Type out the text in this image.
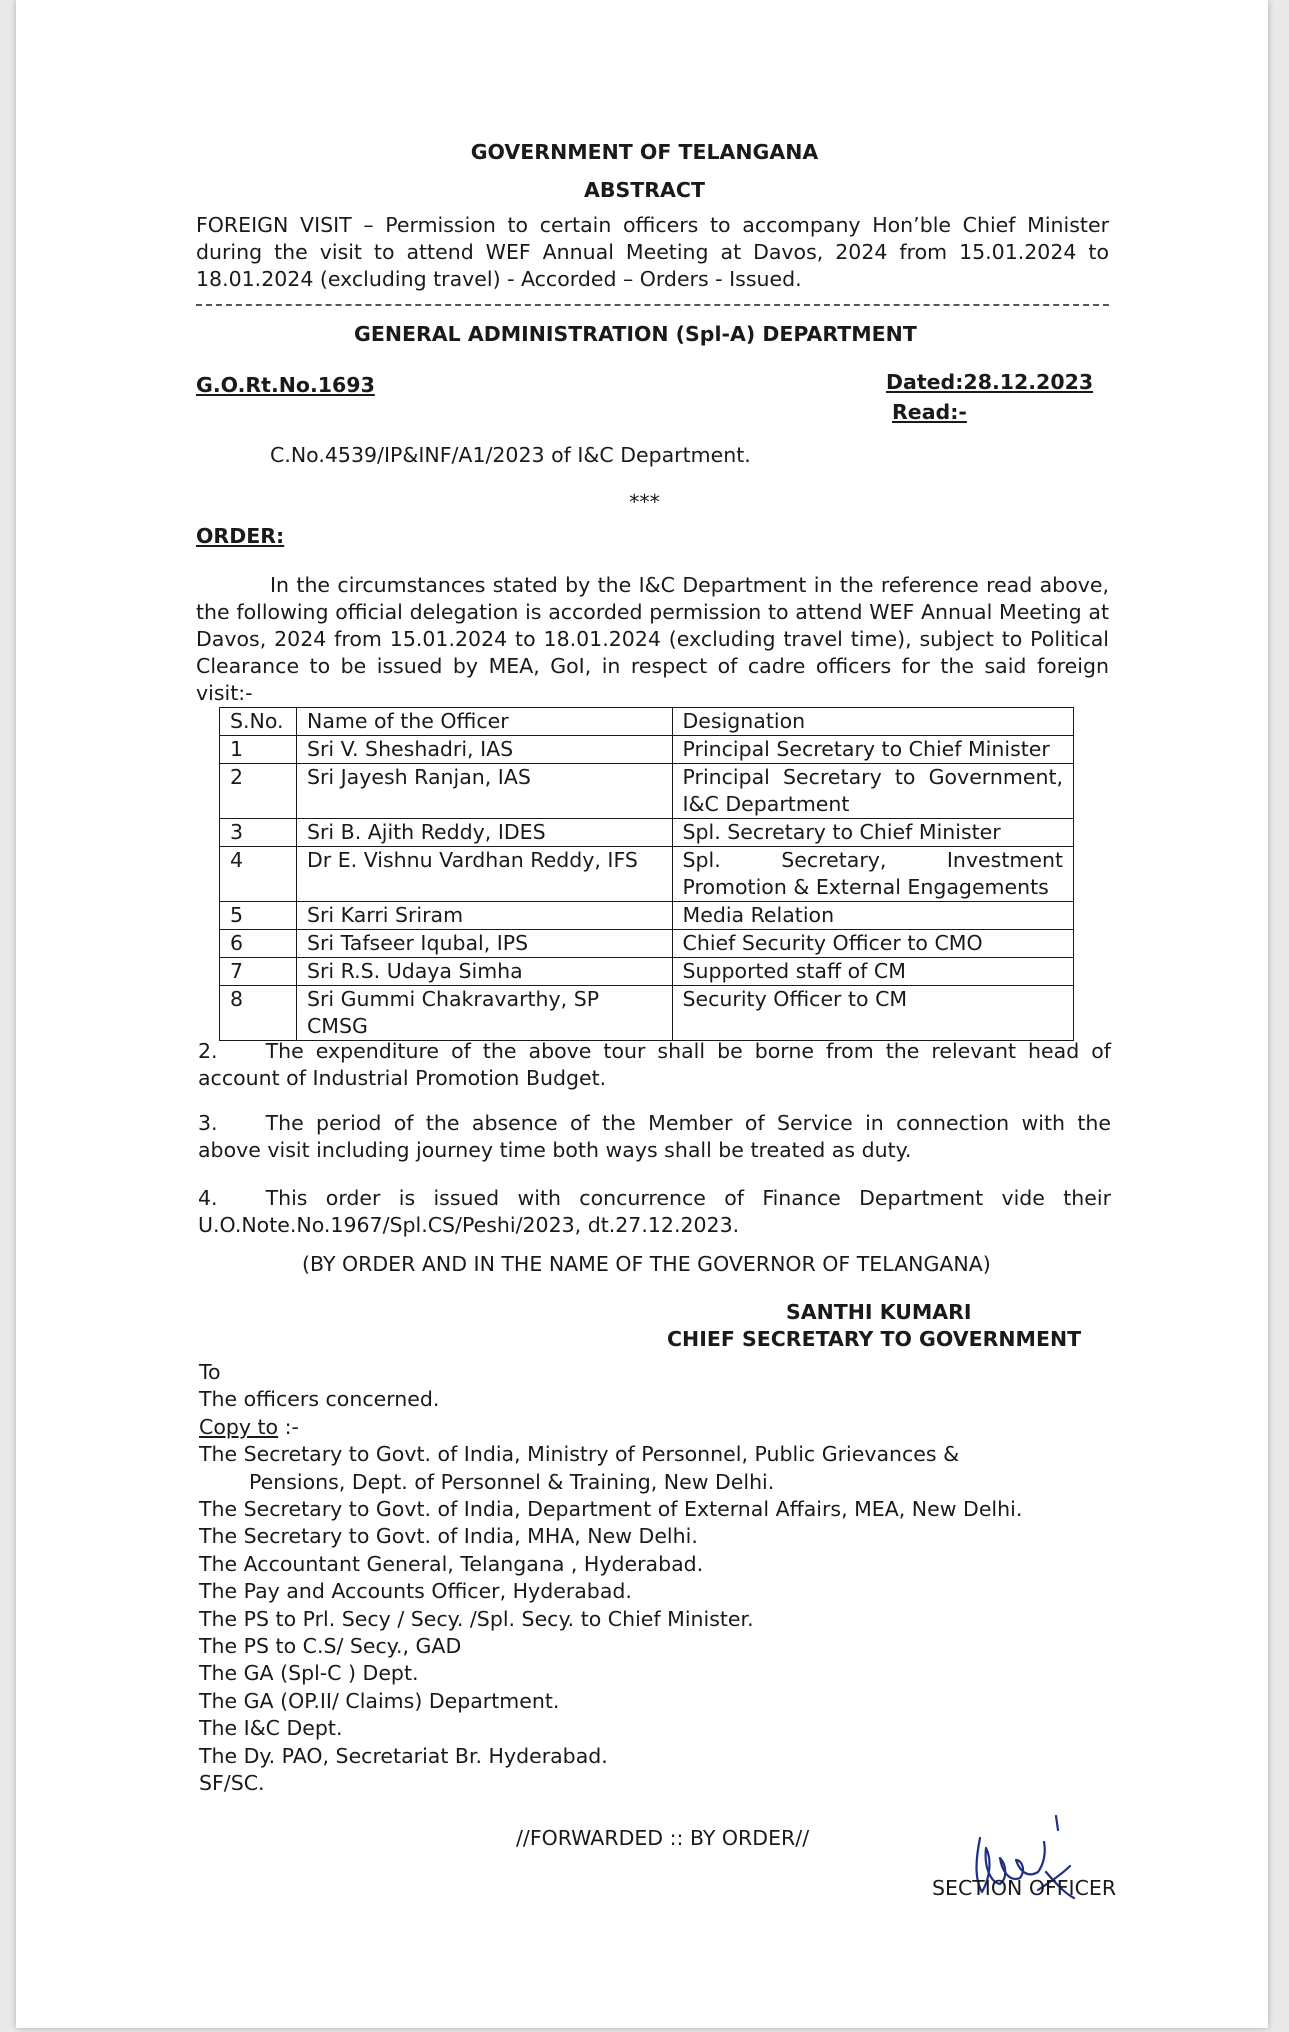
GOVERNMENT OF TELANGANA
ABSTRACT

FOREIGN VISIT – Permission to certain officers to accompany Hon’ble Chief Minister

during the visit to attend WEF Annual Meeting at Davos, 2024 from 15.01.2024 to

18.01.2024 (excluding travel) - Accorded – Orders - Issued.

GENERAL ADMINISTRATION (Spl-A) DEPARTMENT
G.O.Rt.No.1693	Dated:28.12.2023
Read:-
C.No.4539/IP&INF/A1/2023 of I&C Department.
***
ORDER:

In the circumstances stated by the I&C Department in the reference read above,

the following official delegation is accorded permission to attend WEF Annual Meeting at

Davos, 2024 from 15.01.2024 to 18.01.2024 (excluding travel time), subject to Political

Clearance to be issued by MEA, GoI, in respect of cadre officers for the said foreign

visit:-

S.No.	Name of the Officer	Designation
1	Sri V. Sheshadri, IAS	Principal Secretary to Chief Minister
2	Sri Jayesh Ranjan, IAS	Principal Secretary to Government,
I&C Department

3	Sri B. Ajith Reddy, IDES	Spl. Secretary to Chief Minister
4	Dr E. Vishnu Vardhan Reddy, IFS	Spl. Secretary, Investment
Promotion & External Engagements

5	Sri Karri Sriram	Media Relation
6	Sri Tafseer Iqubal, IPS	Chief Security Officer to CMO
7	Sri R.S. Udaya Simha	Supported staff of CM
8	Sri Gummi Chakravarthy, SP CMSG	Security Officer to CM

2. The expenditure of the above tour shall be borne from the relevant head of

account of Industrial Promotion Budget.

3. The period of the absence of the Member of Service in connection with the

above visit including journey time both ways shall be treated as duty.

4. This order is issued with concurrence of Finance Department vide their

U.O.Note.No.1967/Spl.CS/Peshi/2023, dt.27.12.2023.

(BY ORDER AND IN THE NAME OF THE GOVERNOR OF TELANGANA)
SANTHI KUMARI
CHIEF SECRETARY TO GOVERNMENT
To
The officers concerned.
Copy to :-
The Secretary to Govt. of India, Ministry of Personnel, Public Grievances &
Pensions, Dept. of Personnel & Training, New Delhi.
The Secretary to Govt. of India, Department of External Affairs, MEA, New Delhi.
The Secretary to Govt. of India, MHA, New Delhi.
The Accountant General, Telangana , Hyderabad.
The Pay and Accounts Officer, Hyderabad.
The PS to Prl. Secy / Secy. /Spl. Secy. to Chief Minister.
The PS to C.S/ Secy., GAD
The GA (Spl-C ) Dept.
The GA (OP.II/ Claims) Department.
The I&C Dept.
The Dy. PAO, Secretariat Br. Hyderabad.
SF/SC.
//FORWARDED :: BY ORDER//
SECTION OFFICER
